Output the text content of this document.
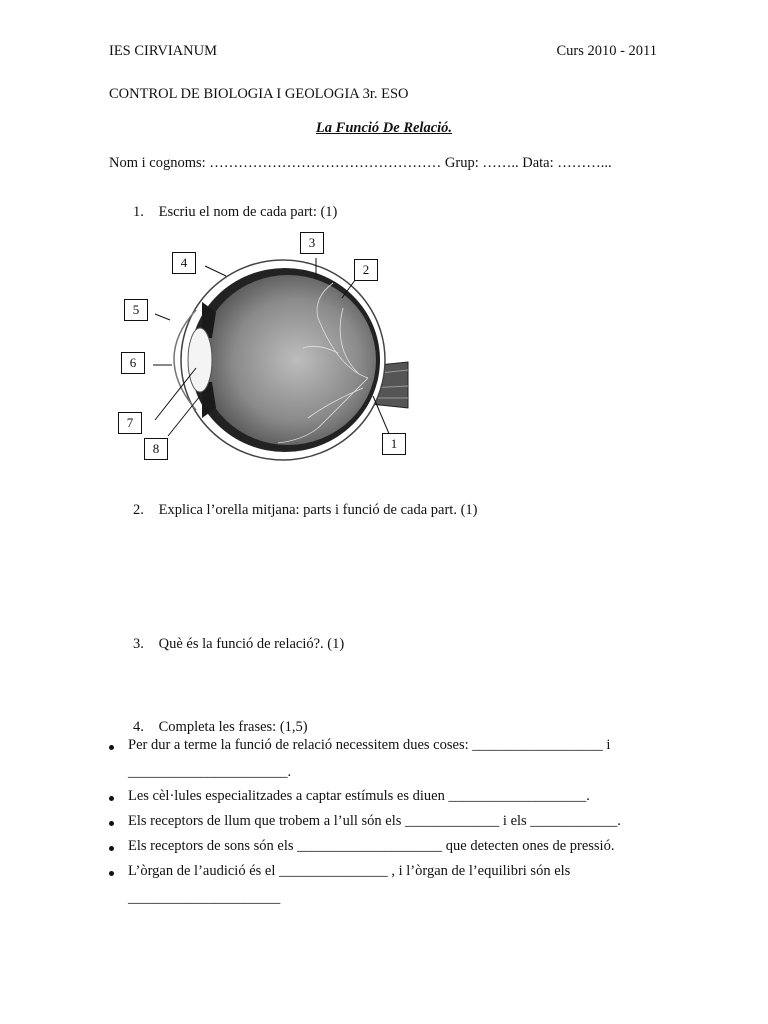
IES CIRVIANUM	Curs 2010 - 2011
CONTROL DE BIOLOGIA I GEOLOGIA 3r. ESO
La Funció De Relació.
Nom i cognoms: ………………………………………… Grup: …….. Data: ………...
1. Escriu el nom de cada part: (1)
1
2
3
4
5
6
7
8
2. Explica l’orella mitjana: parts i funció de cada part. (1)
3. Què és la funció de relació?. (1)
4. Completa les frases: (1,5)
Per dur a terme la funció de relació necessitem dues coses: __________________ i
______________________.
Les cèl·lules especialitzades a captar estímuls es diuen ___________________.
Els receptors de llum que trobem a l’ull són els _____________ i els ____________.
Els receptors de sons són els ____________________ que detecten ones de pressió.
L’òrgan de l’audició és el _______________ , i l’òrgan de l’equilibri són els
_____________________
